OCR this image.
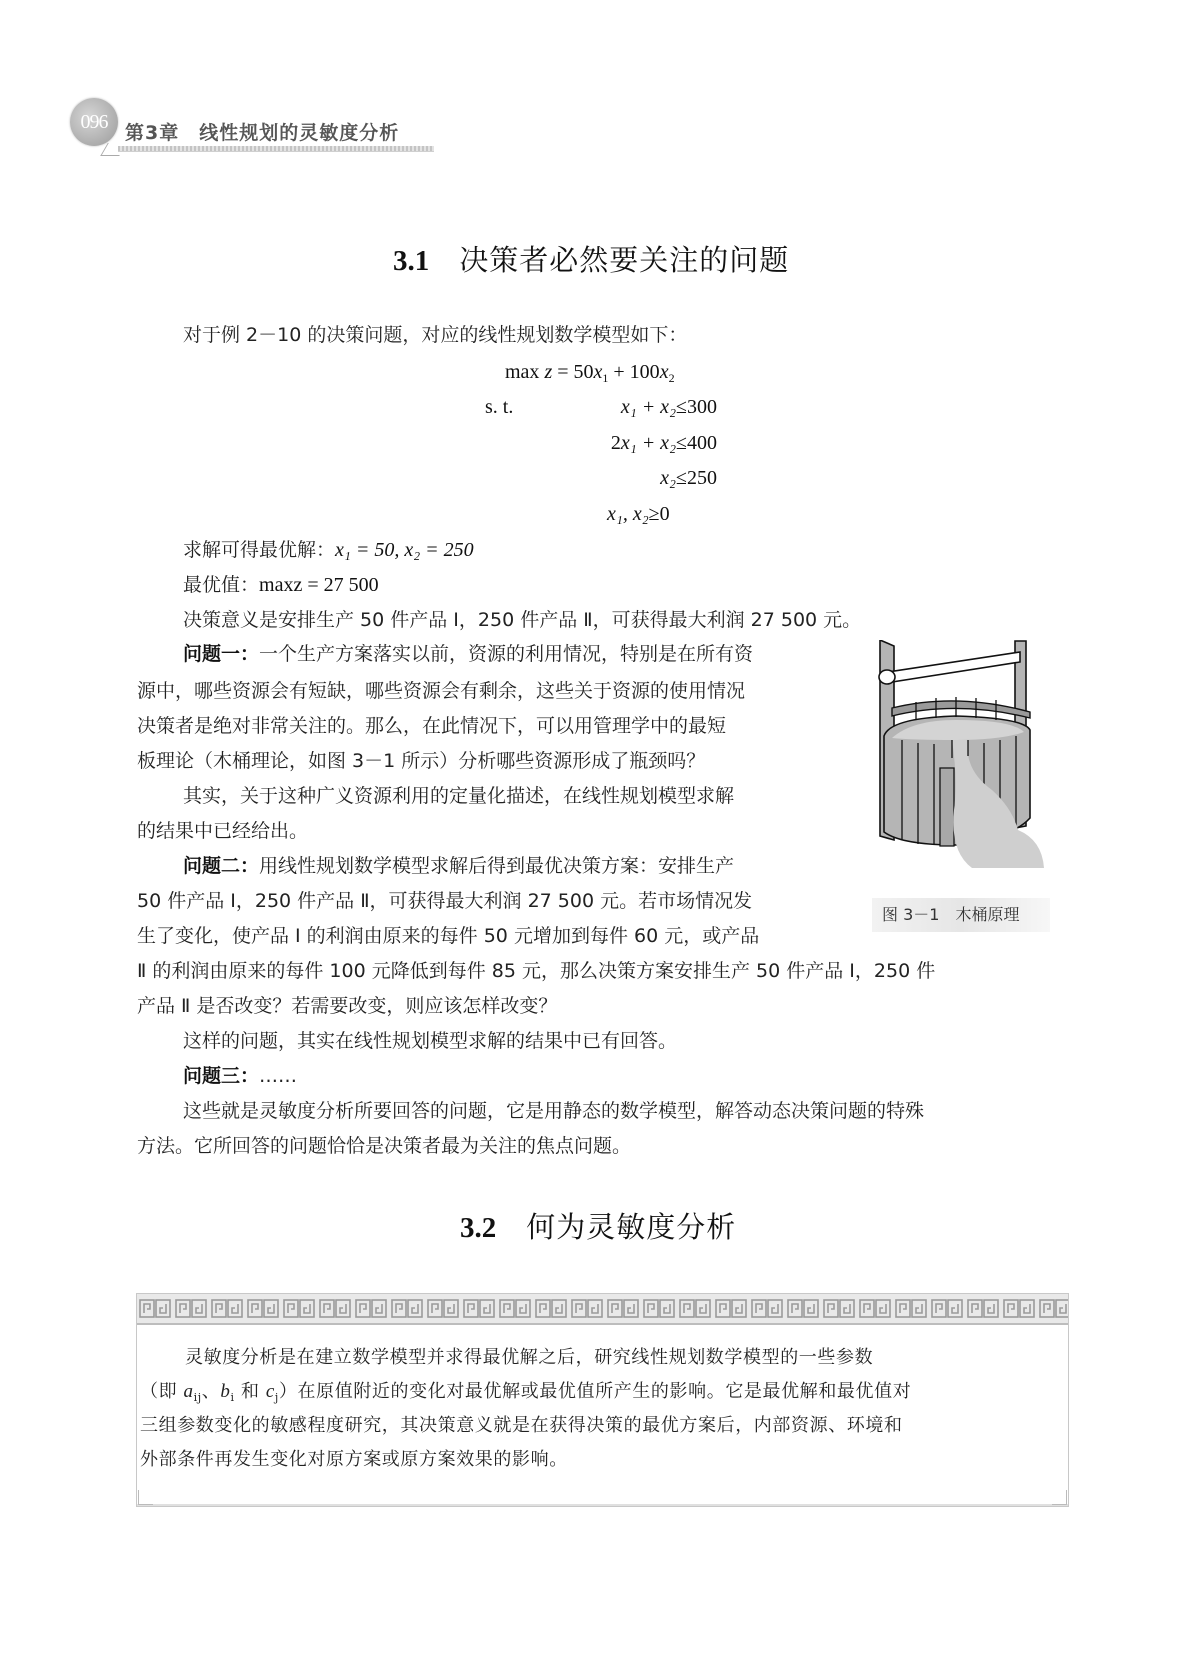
096 第3章　线性规划的灵敏度分析
3.1 决策者必然要关注的问题
对于例 2－10 的决策问题，对应的线性规划数学模型如下：
$\max z = 50x_1 + 100x_2$
s. t.	x₁ + x₂≤300
2x₁ + x₂≤400
x₂≤250
x₁, x₂≥0
求解可得最优解：x₁ = 50, x₂ = 250
最优值：maxz = 27 500
决策意义是安排生产 50 件产品 Ⅰ，250 件产品 Ⅱ，可获得最大利润 27 500 元。
问题一：一个生产方案落实以前，资源的利用情况，特别是在所有资
源中，哪些资源会有短缺，哪些资源会有剩余，这些关于资源的使用情况
决策者是绝对非常关注的。那么，在此情况下，可以用管理学中的最短
板理论（木桶理论，如图 3－1 所示）分析哪些资源形成了瓶颈吗？
其实，关于这种广义资源利用的定量化描述，在线性规划模型求解
的结果中已经给出。
问题二：用线性规划数学模型求解后得到最优决策方案：安排生产
50 件产品 Ⅰ，250 件产品 Ⅱ，可获得最大利润 27 500 元。若市场情况发
生了变化，使产品 Ⅰ 的利润由原来的每件 50 元增加到每件 60 元，或产品
Ⅱ 的利润由原来的每件 100 元降低到每件 85 元，那么决策方案安排生产 50 件产品 Ⅰ，250 件
产品 Ⅱ 是否改变？若需要改变，则应该怎样改变？
这样的问题，其实在线性规划模型求解的结果中已有回答。
问题三：……
这些就是灵敏度分析所要回答的问题，它是用静态的数学模型，解答动态决策问题的特殊
方法。它所回答的问题恰恰是决策者最为关注的焦点问题。
图 3－1　木桶原理
3.2 何为灵敏度分析
灵敏度分析是在建立数学模型并求得最优解之后，研究线性规划数学模型的一些参数
（即 $a_{ij}$、$b_i$ 和 $c_j$）在原值附近的变化对最优解或最优值所产生的影响。它是最优解和最优值对
三组参数变化的敏感程度研究，其决策意义就是在获得决策的最优方案后，内部资源、环境和
外部条件再发生变化对原方案或原方案效果的影响。
